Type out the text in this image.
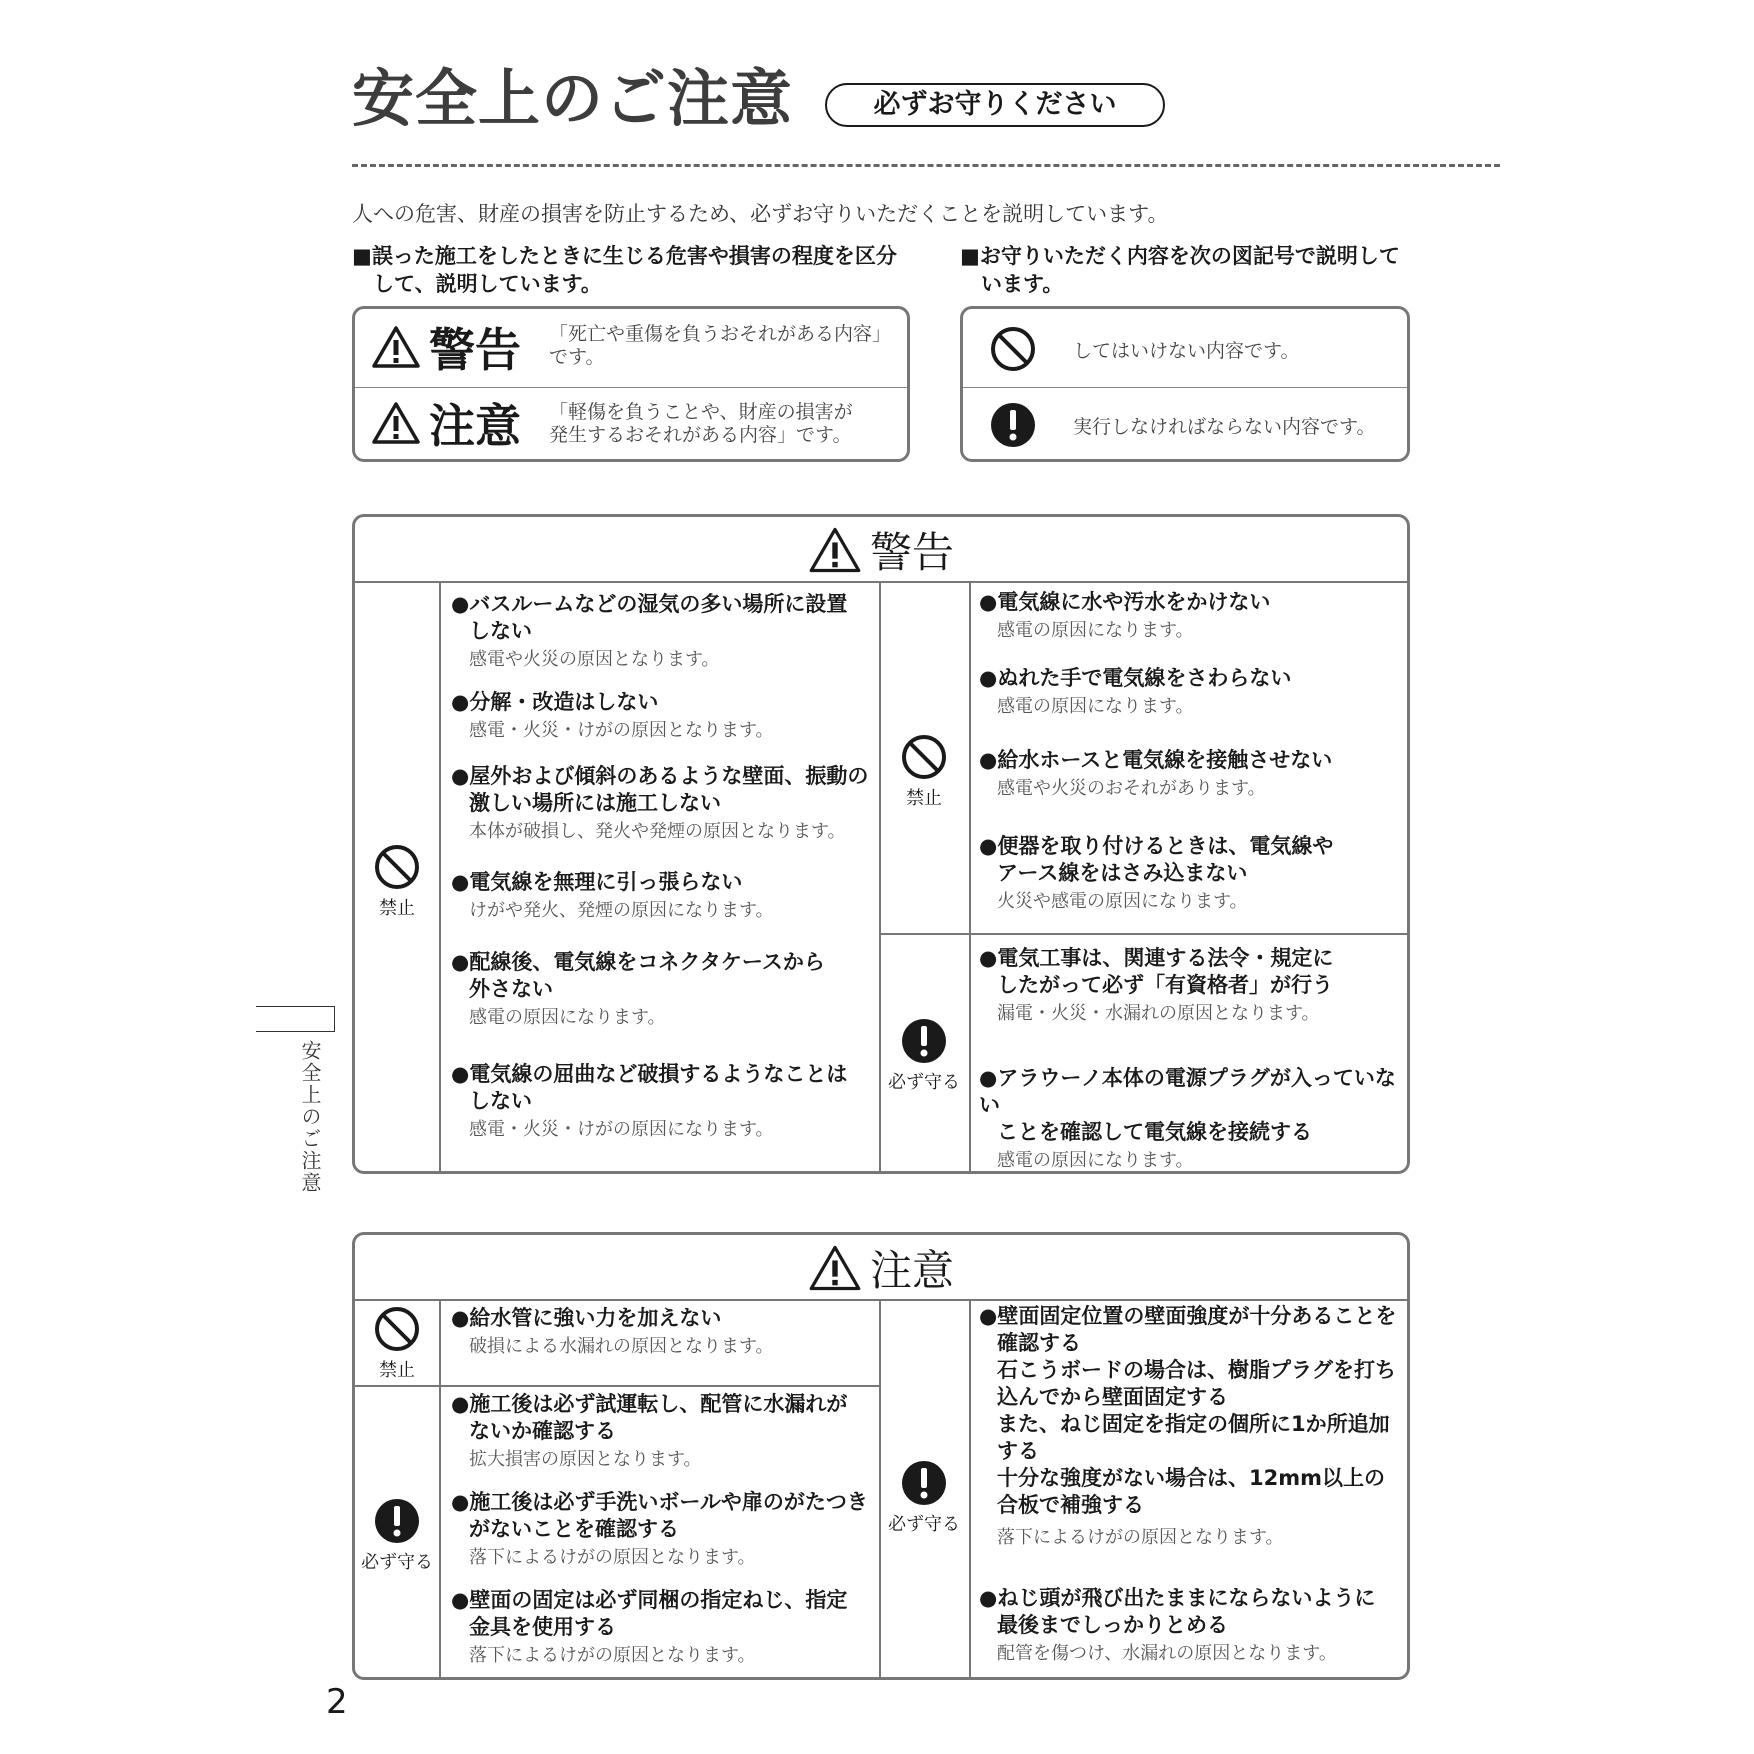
安全上のご注意	必ずお守りください
人への危害、財産の損害を防止するため、必ずお守りいただくことを説明しています。
■誤った施工をしたときに生じる危害や損害の程度を区分
　して、説明しています。
■お守りいただく内容を次の図記号で説明して
　います。
警告 「死亡や重傷を負うおそれがある内容」
です。
注意 「軽傷を負うことや、財産の損害が
発生するおそれがある内容」です。
してはいけない内容です。
実行しなければならない内容です。
警告
禁止
禁止
必ず守る
●バスルームなどの湿気の多い場所に設置
しない
感電や火災の原因となります。
●分解・改造はしない
感電・火災・けがの原因となります。
●屋外および傾斜のあるような壁面、振動の
激しい場所には施工しない
本体が破損し、発火や発煙の原因となります。
●電気線を無理に引っ張らない
けがや発火、発煙の原因になります。
●配線後、電気線をコネクタケースから
外さない
感電の原因になります。
●電気線の屈曲など破損するようなことは
しない
感電・火災・けがの原因になります。
●電気線に水や汚水をかけない
感電の原因になります。
●ぬれた手で電気線をさわらない
感電の原因になります。
●給水ホースと電気線を接触させない
感電や火災のおそれがあります。
●便器を取り付けるときは、電気線や
アース線をはさみ込まない
火災や感電の原因になります。
●電気工事は、関連する法令・規定に
したがって必ず「有資格者」が行う
漏電・火災・水漏れの原因となります。
●アラウーノ本体の電源プラグが入っていない
ことを確認して電気線を接続する
感電の原因になります。
注意
禁止
必ず守る
必ず守る
●給水管に強い力を加えない
破損による水漏れの原因となります。
●施工後は必ず試運転し、配管に水漏れが
ないか確認する
拡大損害の原因となります。
●施工後は必ず手洗いボールや扉のがたつき
がないことを確認する
落下によるけがの原因となります。
●壁面の固定は必ず同梱の指定ねじ、指定
金具を使用する
落下によるけがの原因となります。
●壁面固定位置の壁面強度が十分あることを
確認する
石こうボードの場合は、樹脂プラグを打ち
込んでから壁面固定する
また、ねじ固定を指定の個所に1か所追加
する
十分な強度がない場合は、12mm以上の
合板で補強する
落下によるけがの原因となります。
●ねじ頭が飛び出たままにならないように
最後までしっかりとめる
配管を傷つけ、水漏れの原因となります。
安全上のご注意
2
